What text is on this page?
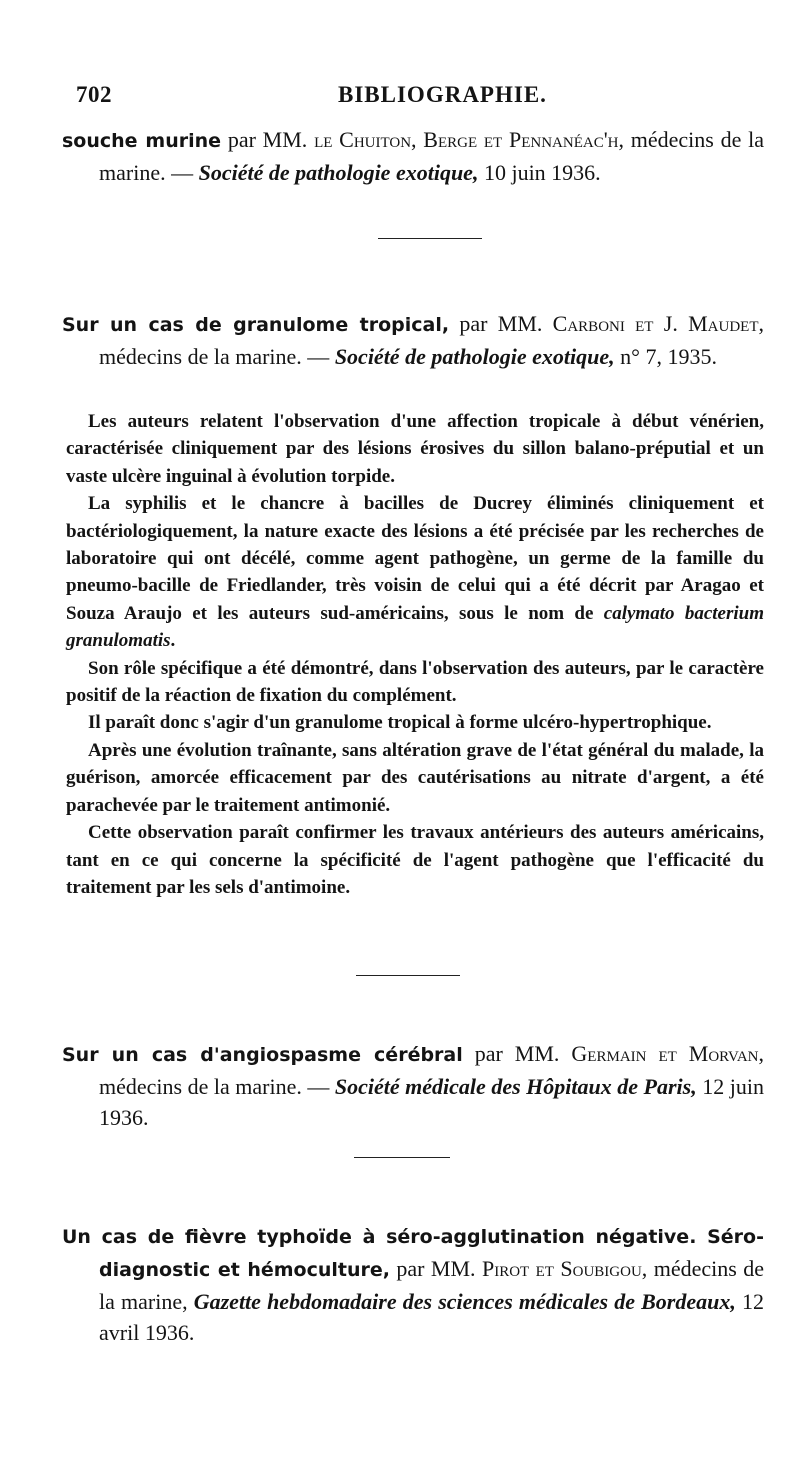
702	BIBLIOGRAPHIE.

souche murine par MM. le Chuiton, Berge et Pennanéac'h, médecins de la marine. — Société de pathologie exotique, 10 juin 1936.

Sur un cas de granulome tropical, par MM. Carboni et J. Maudet, médecins de la marine. — Société de pathologie exotique, n° 7, 1935.

Les auteurs relatent l'observation d'une affection tropicale à début vénérien, caractérisée cliniquement par des lésions érosives du sillon balano-préputial et un vaste ulcère inguinal à évolution torpide.

La syphilis et le chancre à bacilles de Ducrey éliminés cliniquement et bactériologiquement, la nature exacte des lésions a été précisée par les recherches de laboratoire qui ont décélé, comme agent pathogène, un germe de la famille du pneumo-bacille de Friedlander, très voisin de celui qui a été décrit par Aragao et Souza Araujo et les auteurs sud-américains, sous le nom de calymato bacterium granulomatis.

Son rôle spécifique a été démontré, dans l'observation des auteurs, par le caractère positif de la réaction de fixation du complément.

Il paraît donc s'agir d'un granulome tropical à forme ulcéro-hypertrophique.

Après une évolution traînante, sans altération grave de l'état général du malade, la guérison, amorcée efficacement par des cautérisations au nitrate d'argent, a été parachevée par le traitement antimonié.

Cette observation paraît confirmer les travaux antérieurs des auteurs américains, tant en ce qui concerne la spécificité de l'agent pathogène que l'efficacité du traitement par les sels d'antimoine.

Sur un cas d'angiospasme cérébral par MM. Germain et Morvan, médecins de la marine. — Société médicale des Hôpitaux de Paris, 12 juin 1936.

Un cas de fièvre typhoïde à séro-agglutination négative. Séro-diagnostic et hémoculture, par MM. Pirot et Soubigou, médecins de la marine, Gazette hebdomadaire des sciences médicales de Bordeaux, 12 avril 1936.
